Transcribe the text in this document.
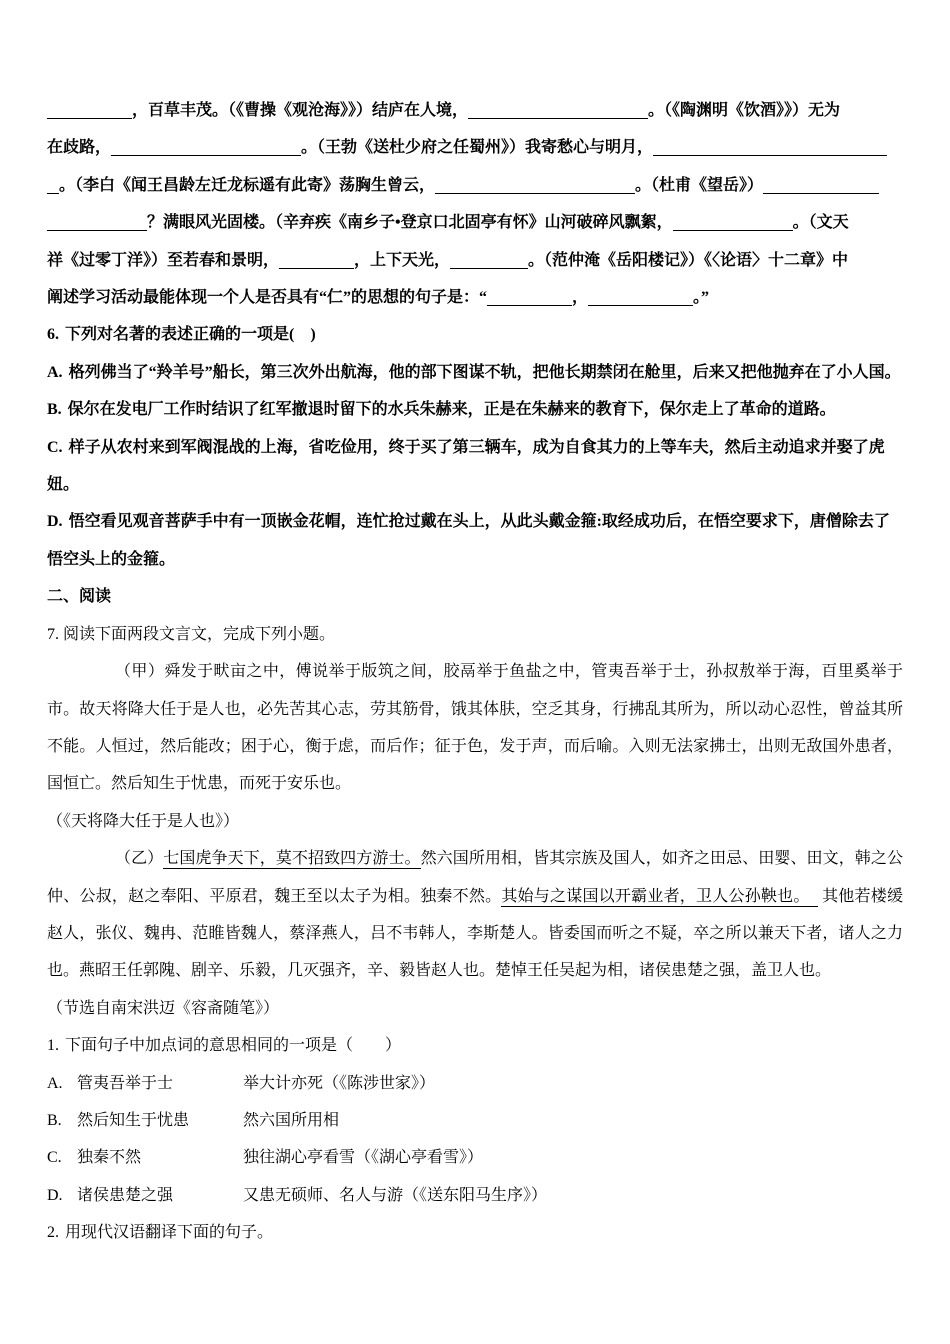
，百草丰茂。（《曹操《观沧海》》）结庐在人境，	。（《陶渊明《饮酒》》）无为
在歧路，	。（王勃《送杜少府之任蜀州》）我寄愁心与明月，
。（李白《闻王昌龄左迁龙标遥有此寄》荡胸生曾云，	。（杜甫《望岳》）
？满眼风光固楼。（辛弃疾《南乡子•登京口北固亭有怀》山河破碎风飘絮，	。（文天
祥《过零丁洋》）至若春和景明，	，上下天光，	。（范仲淹《岳阳楼记》）《〈论语〉十二章》中
阐述学习活动最能体现一个人是否具有“仁”的思想的句子是：“	，	。”
6. 下列对名著的表述正确的一项是(　)
A. 格列佛当了“羚羊号”船长，第三次外出航海，他的部下图谋不轨，把他长期禁闭在舱里，后来又把他抛弃在了小人国。
B. 保尔在发电厂工作时结识了红军撤退时留下的水兵朱赫来，正是在朱赫来的教育下，保尔走上了革命的道路。
C. 样子从农村来到军阀混战的上海，省吃俭用，终于买了第三辆车，成为自食其力的上等车夫，然后主动追求并娶了虎妞。
D. 悟空看见观音菩萨手中有一顶嵌金花帽，连忙抢过戴在头上，从此头戴金箍:取经成功后，在悟空要求下，唐僧除去了悟空头上的金箍。
二、阅读
7. 阅读下面两段文言文，完成下列小题。
（甲）舜发于畎亩之中，傅说举于版筑之间，胶鬲举于鱼盐之中，管夷吾举于士，孙叔敖举于海，百里奚举于市。故天将降大任于是人也，必先苦其心志，劳其筋骨，饿其体肤，空乏其身，行拂乱其所为，所以动心忍性，曾益其所不能。人恒过，然后能改；困于心，衡于虑，而后作；征于色，发于声，而后喻。入则无法家拂士，出则无敌国外患者，国恒亡。然后知生于忧患，而死于安乐也。
（《天将降大任于是人也》）
（乙）七国虎争天下，莫不招致四方游士。然六国所用相，皆其宗族及国人，如齐之田忌、田婴、田文，韩之公仲、公叔，赵之奉阳、平原君，魏王至以太子为相。独秦不然。其始与之谋国以开霸业者，卫人公孙鞅也。　 其他若楼缓赵人，张仪、魏冉、范睢皆魏人，蔡泽燕人，吕不韦韩人，李斯楚人。皆委国而听之不疑，卒之所以兼天下者，诸人之力也。燕昭王任郭隗、剧辛、乐毅，几灭强齐，辛、毅皆赵人也。楚悼王任吴起为相，诸侯患楚之强，盖卫人也。
（节选自南宋洪迈《容斋随笔》）
1. 下面句子中加点词的意思相同的一项是（　　）
A. 管夷吾举于士	举大计亦死（《陈涉世家》）
B. 然后知生于忧患	然六国所用相
C. 独秦不然	独往湖心亭看雪（《湖心亭看雪》）
D. 诸侯患楚之强	又患无硕师、名人与游（《送东阳马生序》）
2. 用现代汉语翻译下面的句子。
